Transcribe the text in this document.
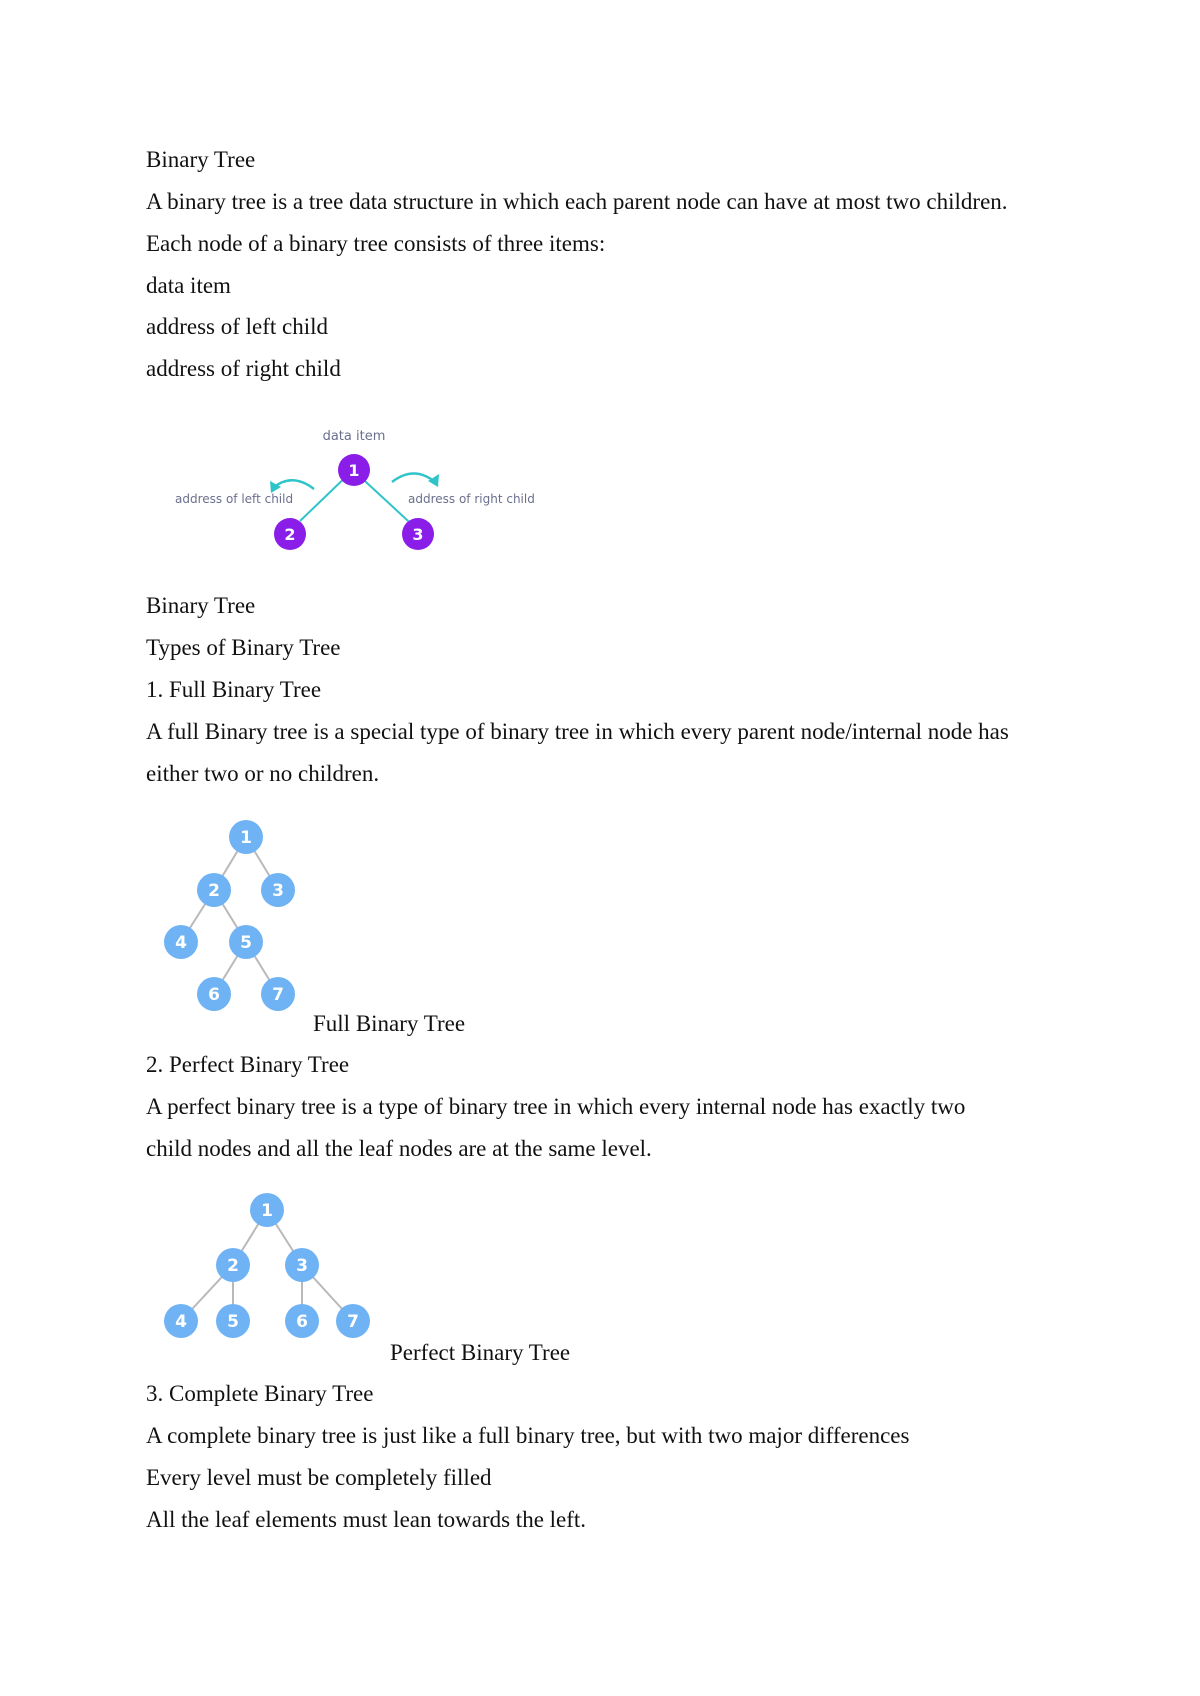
Binary Tree
A binary tree is a tree data structure in which each parent node can have at most two children.
Each node of a binary tree consists of three items:
data item
address of left child
address of right child
data item
address of left child	address of right child
1
2	3
Binary Tree
Types of Binary Tree
1. Full Binary Tree
A full Binary tree is a special type of binary tree in which every parent node/internal node has
either two or no children.
1
2	3
4	5
6	7
Full Binary Tree
2. Perfect Binary Tree
A perfect binary tree is a type of binary tree in which every internal node has exactly two
child nodes and all the leaf nodes are at the same level.
1
2	3
4 5	6 7
Perfect Binary Tree
3. Complete Binary Tree
A complete binary tree is just like a full binary tree, but with two major differences
Every level must be completely filled
All the leaf elements must lean towards the left.
